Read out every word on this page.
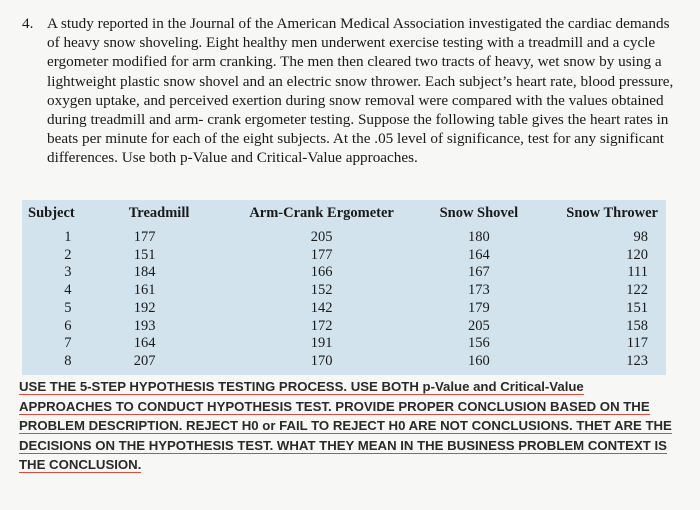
4. A study reported in the Journal of the American Medical Association investigated the cardiac demands of heavy snow shoveling. Eight healthy men underwent exercise testing with a treadmill and a cycle ergometer modified for arm cranking. The men then cleared two tracts of heavy, wet snow by using a lightweight plastic snow shovel and an electric snow thrower. Each subject’s heart rate, blood pressure, oxygen uptake, and perceived exertion during snow removal were compared with the values obtained during treadmill and arm- crank ergometer testing. Suppose the following table gives the heart rates in beats per minute for each of the eight subjects. At the .05 level of significance, test for any significant differences. Use both p-Value and Critical-Value approaches.
Subject	Treadmill	Arm-Crank Ergometer	Snow Shovel	Snow Thrower
1	177	205	180	98
2	151	177	164	120
3	184	166	167	111
4	161	152	173	122
5	192	142	179	151
6	193	172	205	158
7	164	191	156	117
8	207	170	160	123
USE THE 5-STEP HYPOTHESIS TESTING PROCESS. USE BOTH p-Value and Critical-Value
APPROACHES TO CONDUCT HYPOTHESIS TEST. PROVIDE PROPER CONCLUSION BASED ON THE
PROBLEM DESCRIPTION. REJECT H0 or FAIL TO REJECT H0 ARE NOT CONCLUSIONS. THET ARE THE
DECISIONS ON THE HYPOTHESIS TEST. WHAT THEY MEAN IN THE BUSINESS PROBLEM CONTEXT IS
THE CONCLUSION.
